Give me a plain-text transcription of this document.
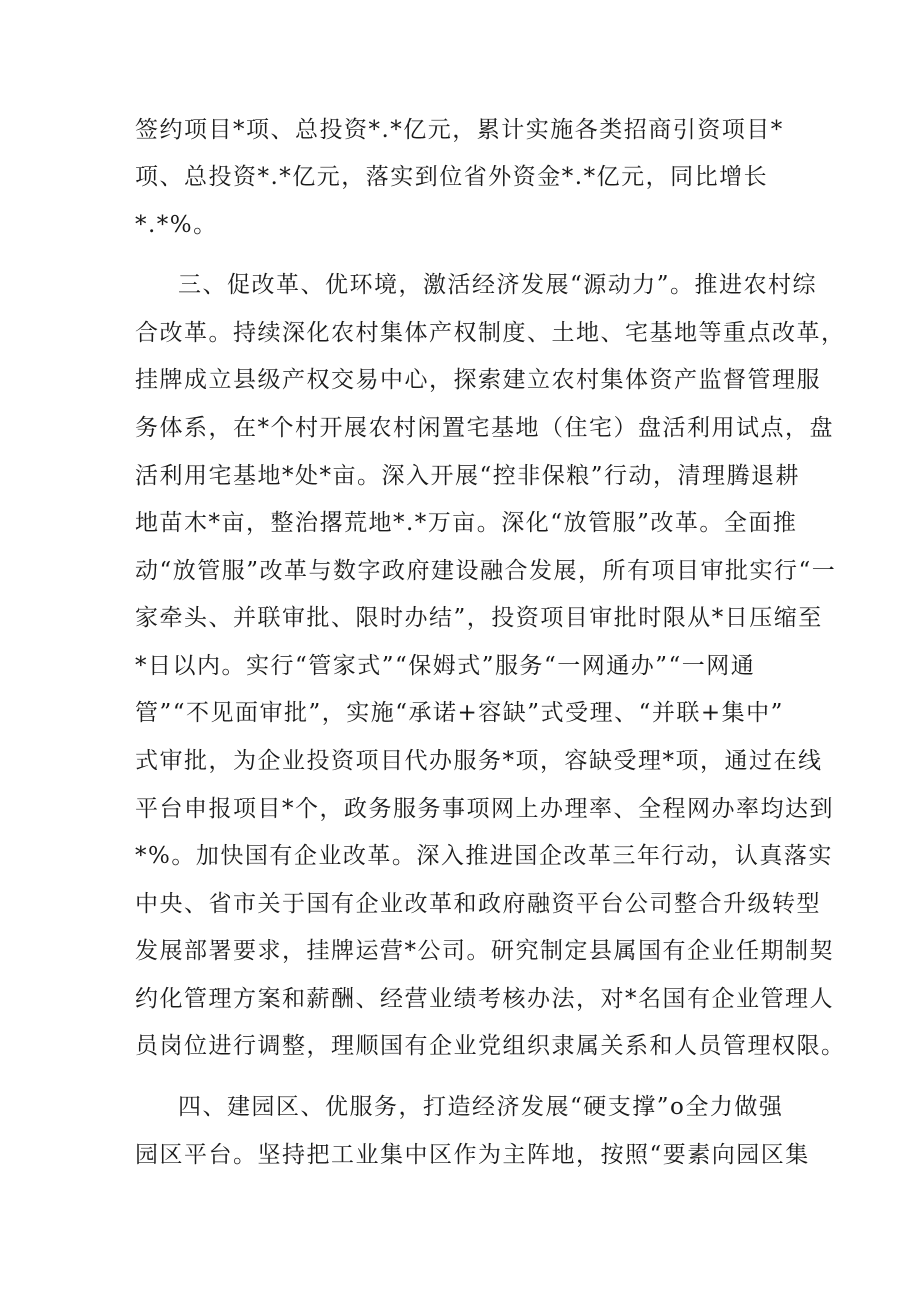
签约项目*项、总投资*.*亿元，累计实施各类招商引资项目*
项、总投资*.*亿元，落实到位省外资金*.*亿元，同比增长
*.*%。
三、促改革、优环境，激活经济发展“源动力”。推进农村综
合改革。持续深化农村集体产权制度、土地、宅基地等重点改革，
挂牌成立县级产权交易中心，探索建立农村集体资产监督管理服
务体系，在*个村开展农村闲置宅基地（住宅）盘活利用试点，盘
活利用宅基地*处*亩。深入开展“控非保粮”行动，清理腾退耕
地苗木*亩，整治撂荒地*.*万亩。深化“放管服”改革。全面推
动“放管服”改革与数字政府建设融合发展，所有项目审批实行“一
家牵头、并联审批、限时办结”，投资项目审批时限从*日压缩至
*日以内。实行“管家式”“保姆式”服务“一网通办”“一网通
管”“不见面审批”，实施“承诺+容缺”式受理、“并联+集中”
式审批，为企业投资项目代办服务*项，容缺受理*项，通过在线
平台申报项目*个，政务服务事项网上办理率、全程网办率均达到
*%。加快国有企业改革。深入推进国企改革三年行动，认真落实
中央、省市关于国有企业改革和政府融资平台公司整合升级转型
发展部署要求，挂牌运营*公司。研究制定县属国有企业任期制契
约化管理方案和薪酬、经营业绩考核办法，对*名国有企业管理人
员岗位进行调整，理顺国有企业党组织隶属关系和人员管理权限。
四、建园区、优服务，打造经济发展“硬支撑”o全力做强
园区平台。坚持把工业集中区作为主阵地，按照“要素向园区集
